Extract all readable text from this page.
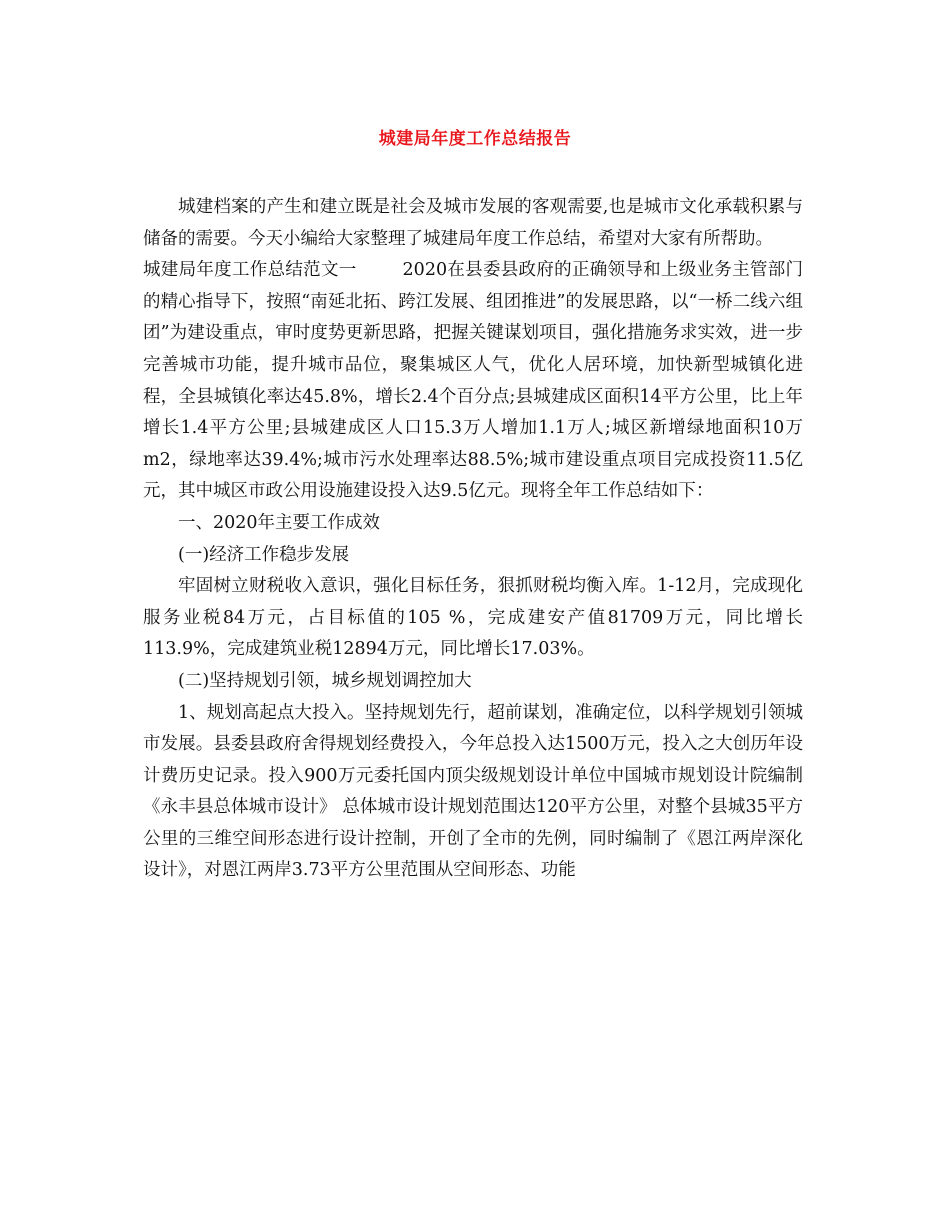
城建局年度工作总结报告

城建档案的产生和建立既是社会及城市发展的客观需要,也是城市文化承载积累与储备的需要。今天小编给大家整理了城建局年度工作总结，希望对大家有所帮助。

城建局年度工作总结范文一	2020在县委县政府的正确领导和上级业务主管部门的精心指导下，按照“南延北拓、跨江发展、组团推进”的发展思路，以“一桥二线六组团”为建设重点，审时度势更新思路，把握关键谋划项目，强化措施务求实效，进一步完善城市功能，提升城市品位，聚集城区人气，优化人居环境，加快新型城镇化进程，全县城镇化率达45.8%，增长2.4个百分点;县城建成区面积14平方公里，比上年增长1.4平方公里;县城建成区人口15.3万人增加1.1万人;城区新增绿地面积10万m2，绿地率达39.4%;城市污水处理率达88.5%;城市建设重点项目完成投资11.5亿元，其中城区市政公用设施建设投入达9.5亿元。现将全年工作总结如下：

一、2020年主要工作成效

(一)经济工作稳步发展

牢固树立财税收入意识，强化目标任务，狠抓财税均衡入库。1-12月，完成现化服务业税84万元，占目标值的105 %，完成建安产值81709万元，同比增长113.9%，完成建筑业税12894万元，同比增长17.03%。

(二)坚持规划引领，城乡规划调控加大

1、规划高起点大投入。坚持规划先行，超前谋划，准确定位，以科学规划引领城市发展。县委县政府舍得规划经费投入，今年总投入达1500万元，投入之大创历年设计费历史记录。投入900万元委托国内顶尖级规划设计单位中国城市规划设计院编制《永丰县总体城市设计》 总体城市设计规划范围达120平方公里，对整个县城35平方公里的三维空间形态进行设计控制，开创了全市的先例，同时编制了《恩江两岸深化设计》，对恩江两岸3.73平方公里范围从空间形态、功能
